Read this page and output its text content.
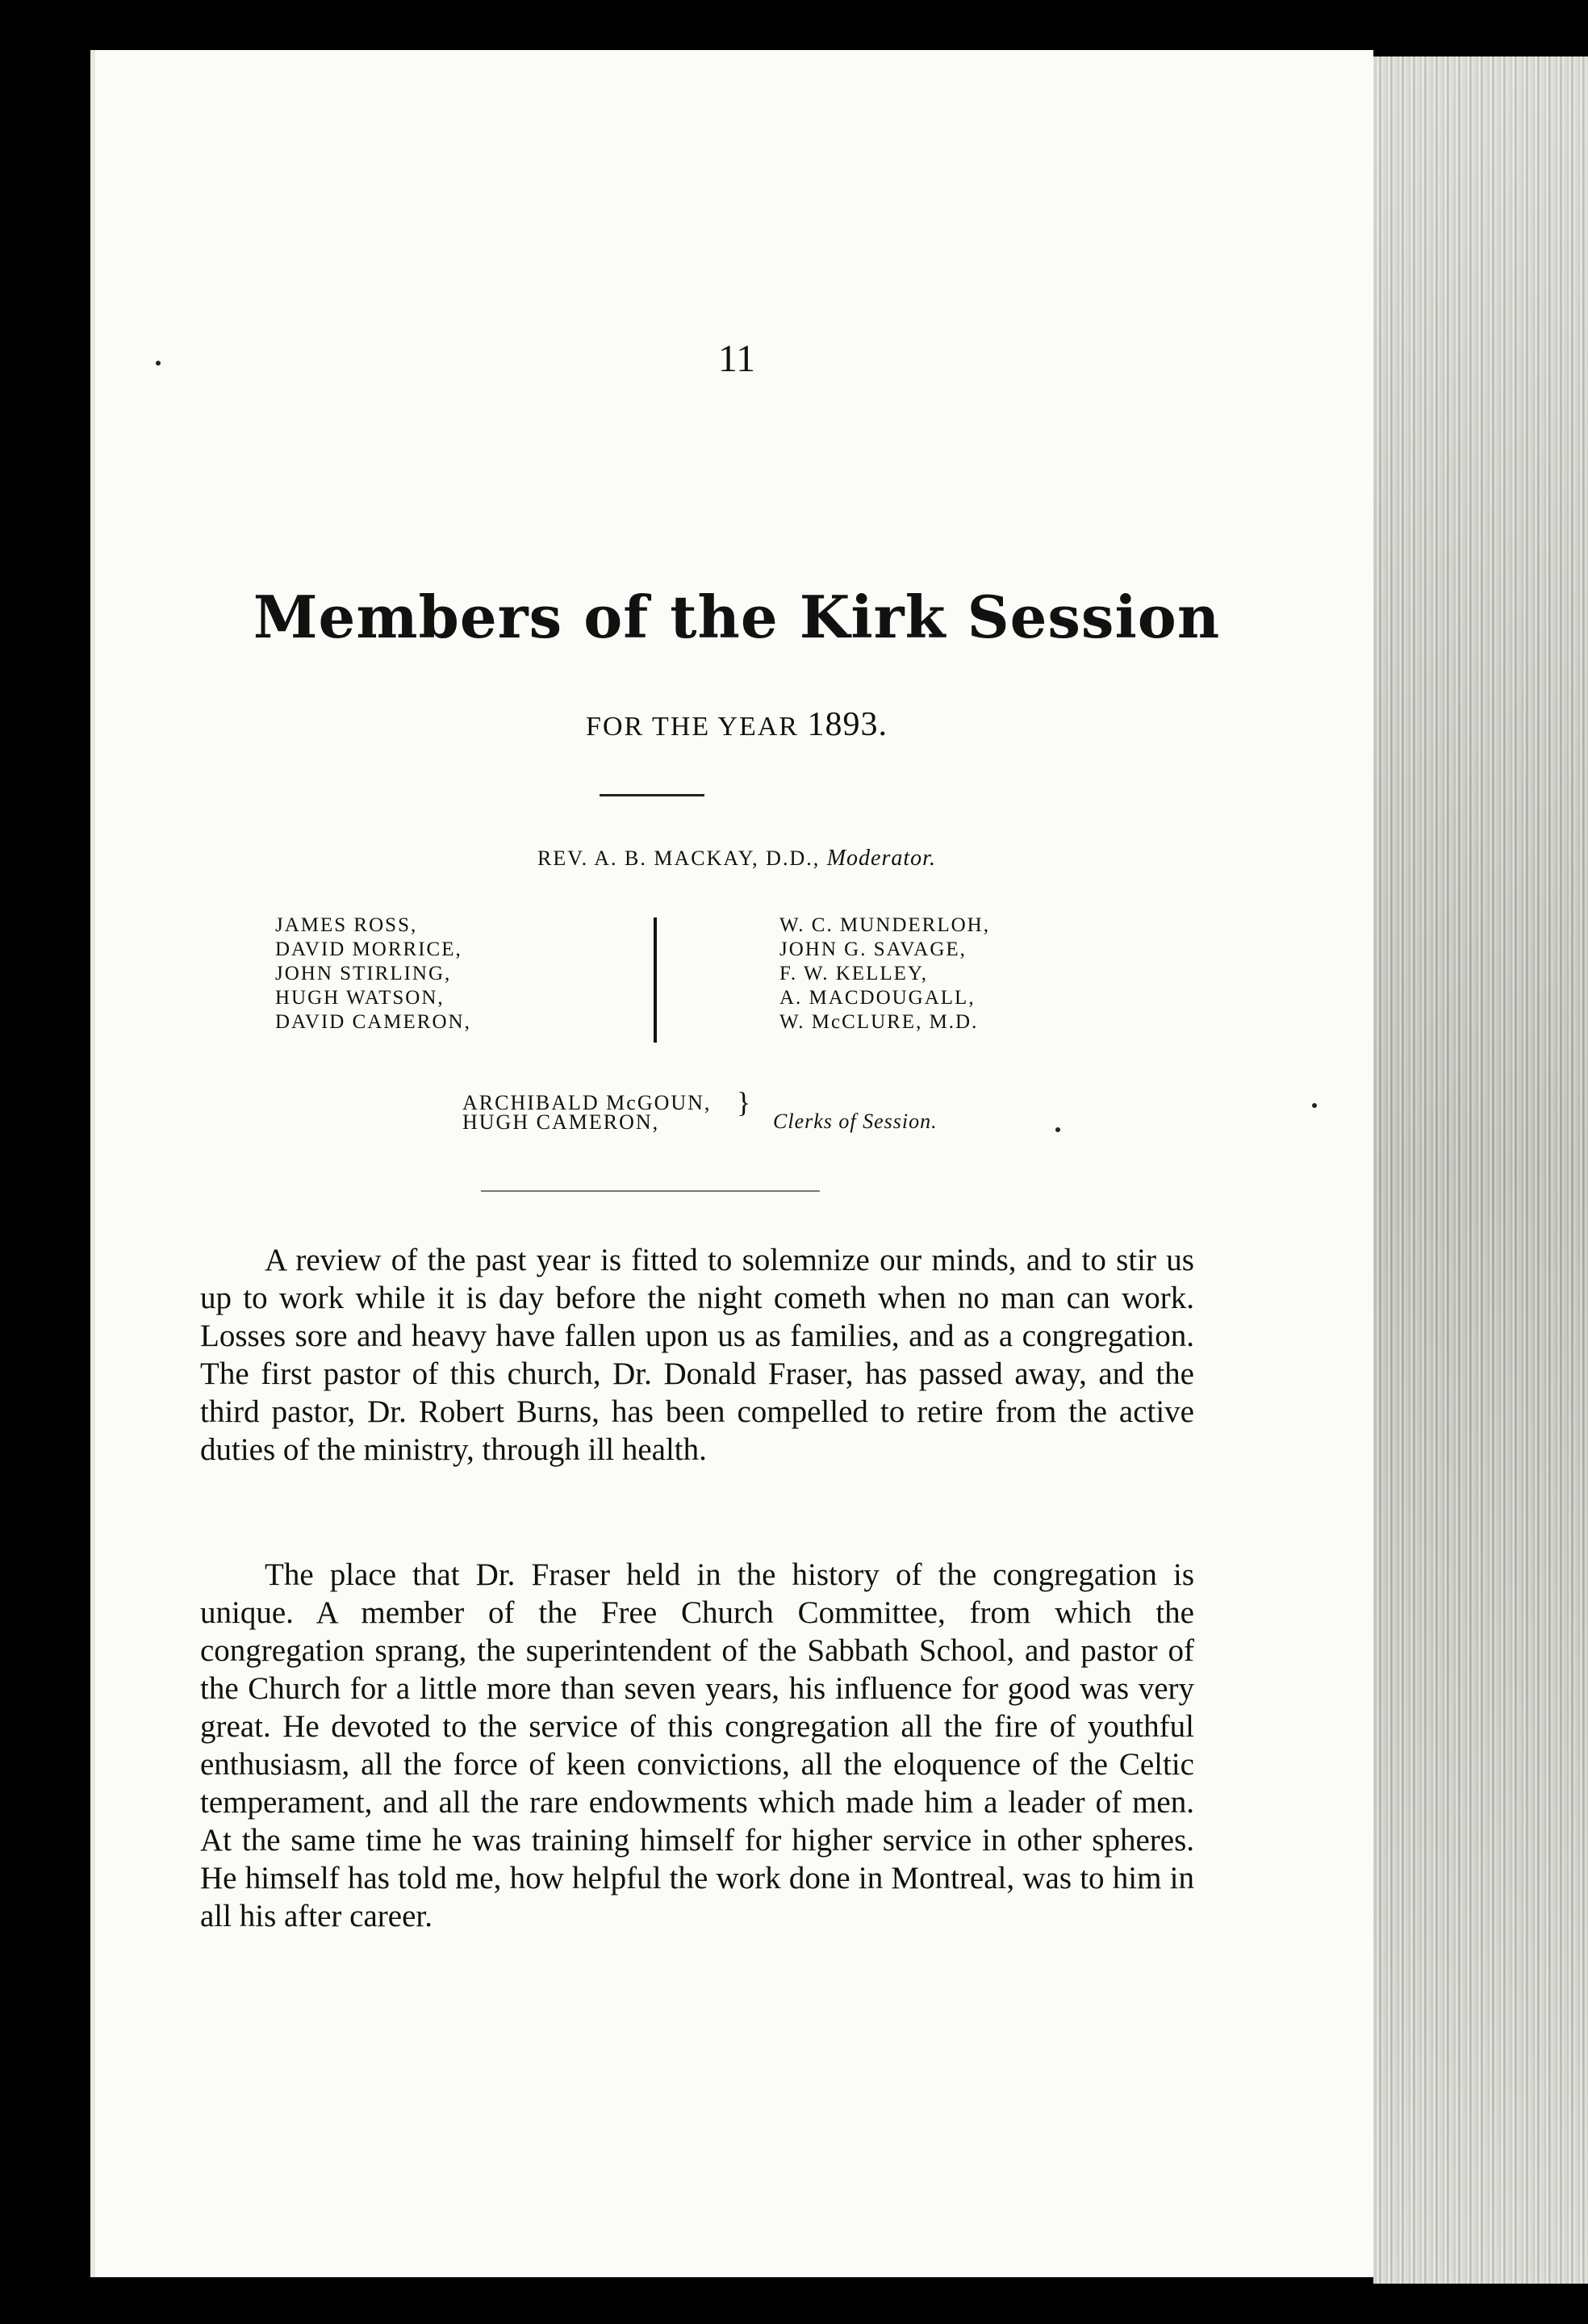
11
Members of the Kirk Session
FOR THE YEAR 1893.
REV. A. B. MACKAY, D.D., Moderator.
JAMES ROSS,
DAVID MORRICE,
JOHN STIRLING,
HUGH WATSON,
DAVID CAMERON,
W. C. MUNDERLOH,
JOHN G. SAVAGE,
F. W. KELLEY,
A. MACDOUGALL,
W. McCLURE, M.D.
ARCHIBALD McGOUN,
HUGH CAMERON,
}
Clerks of Session.
A review of the past year is fitted to solemnize our minds, and to stir us up to work while it is day before the night cometh when no man can work. Losses sore and heavy have fallen upon us as families, and as a congregation. The first pastor of this church, Dr. Donald Fraser, has passed away, and the third pastor, Dr. Robert Burns, has been compelled to retire from the active duties of the ministry, through ill health.
The place that Dr. Fraser held in the history of the congregation is unique. A member of the Free Church Committee, from which the congregation sprang, the superintendent of the Sabbath School, and pastor of the Church for a little more than seven years, his influence for good was very great. He devoted to the service of this congregation all the fire of youthful enthusiasm, all the force of keen convictions, all the eloquence of the Celtic temperament, and all the rare endowments which made him a leader of men. At the same time he was training himself for higher service in other spheres. He himself has told me, how helpful the work done in Montreal, was to him in all his after career.
